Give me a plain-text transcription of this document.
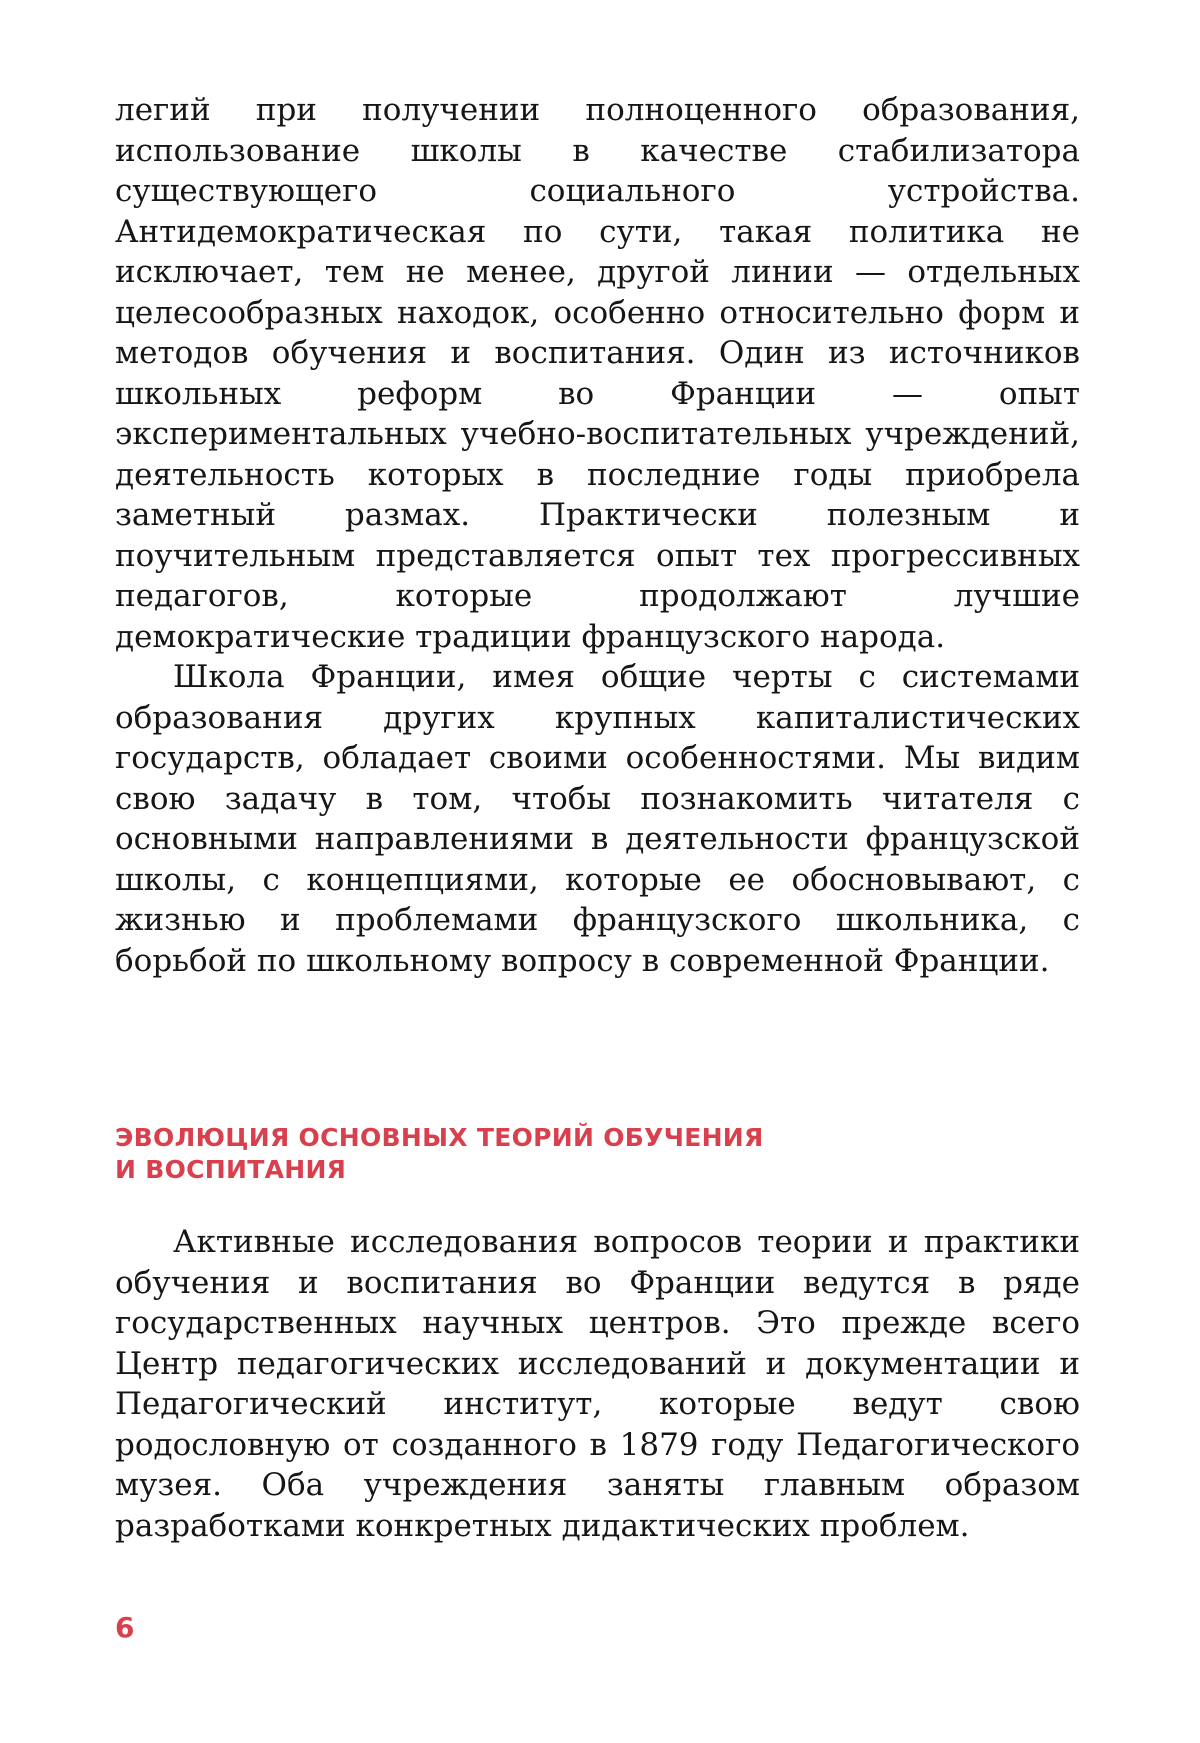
легий при получении полноценного образования, использование школы в качестве стабилизатора существующего социального устройства. Антидемократическая по сути, такая политика не исключает, тем не менее, другой линии — отдельных целесообразных находок, особенно относительно форм и методов обучения и воспитания. Один из источников школьных реформ во Франции — опыт экспериментальных учебно-воспитательных учреждений, деятельность которых в последние годы приобрела заметный размах. Практически полезным и поучительным представляется опыт тех прогрессивных педагогов, которые продолжают лучшие демократические традиции французского народа.

Школа Франции, имея общие черты с системами образования других крупных капиталистических государств, обладает своими особенностями. Мы видим свою задачу в том, чтобы познакомить читателя с основными направлениями в деятельности французской школы, с концепциями, которые ее обосновывают, с жизнью и проблемами французского школьника, с борьбой по школьному вопросу в современной Франции.

ЭВОЛЮЦИЯ ОСНОВНЫХ ТЕОРИЙ ОБУЧЕНИЯ
И ВОСПИТАНИЯ

Активные исследования вопросов теории и практики обучения и воспитания во Франции ведутся в ряде государственных научных центров. Это прежде всего Центр педагогических исследований и документации и Педагогический институт, которые ведут свою родословную от созданного в 1879 году Педагогического музея. Оба учреждения заняты главным образом разработками конкретных дидактических проблем.

6
